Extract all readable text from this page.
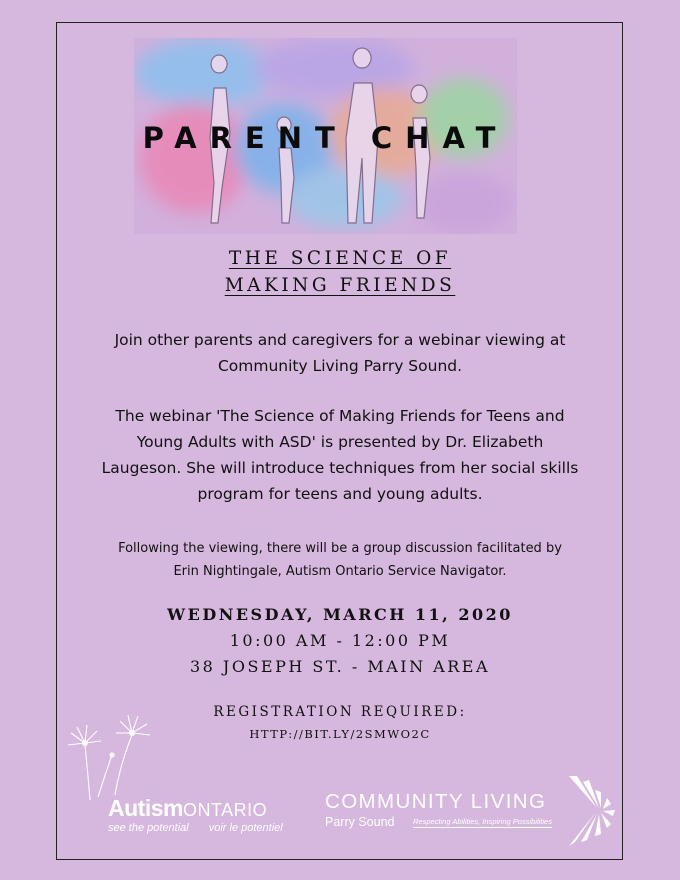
PARENT CHAT
THE SCIENCE OF
MAKING FRIENDS
Join other parents and caregivers for a webinar viewing at
Community Living Parry Sound.
The webinar 'The Science of Making Friends for Teens and
Young Adults with ASD' is presented by Dr. Elizabeth
Laugeson. She will introduce techniques from her social skills
program for teens and young adults.
Following the viewing, there will be a group discussion facilitated by
Erin Nightingale, Autism Ontario Service Navigator.
WEDNESDAY, MARCH 11, 2020
10:00 AM - 12:00 PM
38 JOSEPH ST. - MAIN AREA
REGISTRATION REQUIRED:
HTTP://BIT.LY/2SMWO2C
AutismONTARIO
see the potential voir le potentiel
COMMUNITY LIVING
Parry Sound Respecting Abilities, Inspiring Possibilities
